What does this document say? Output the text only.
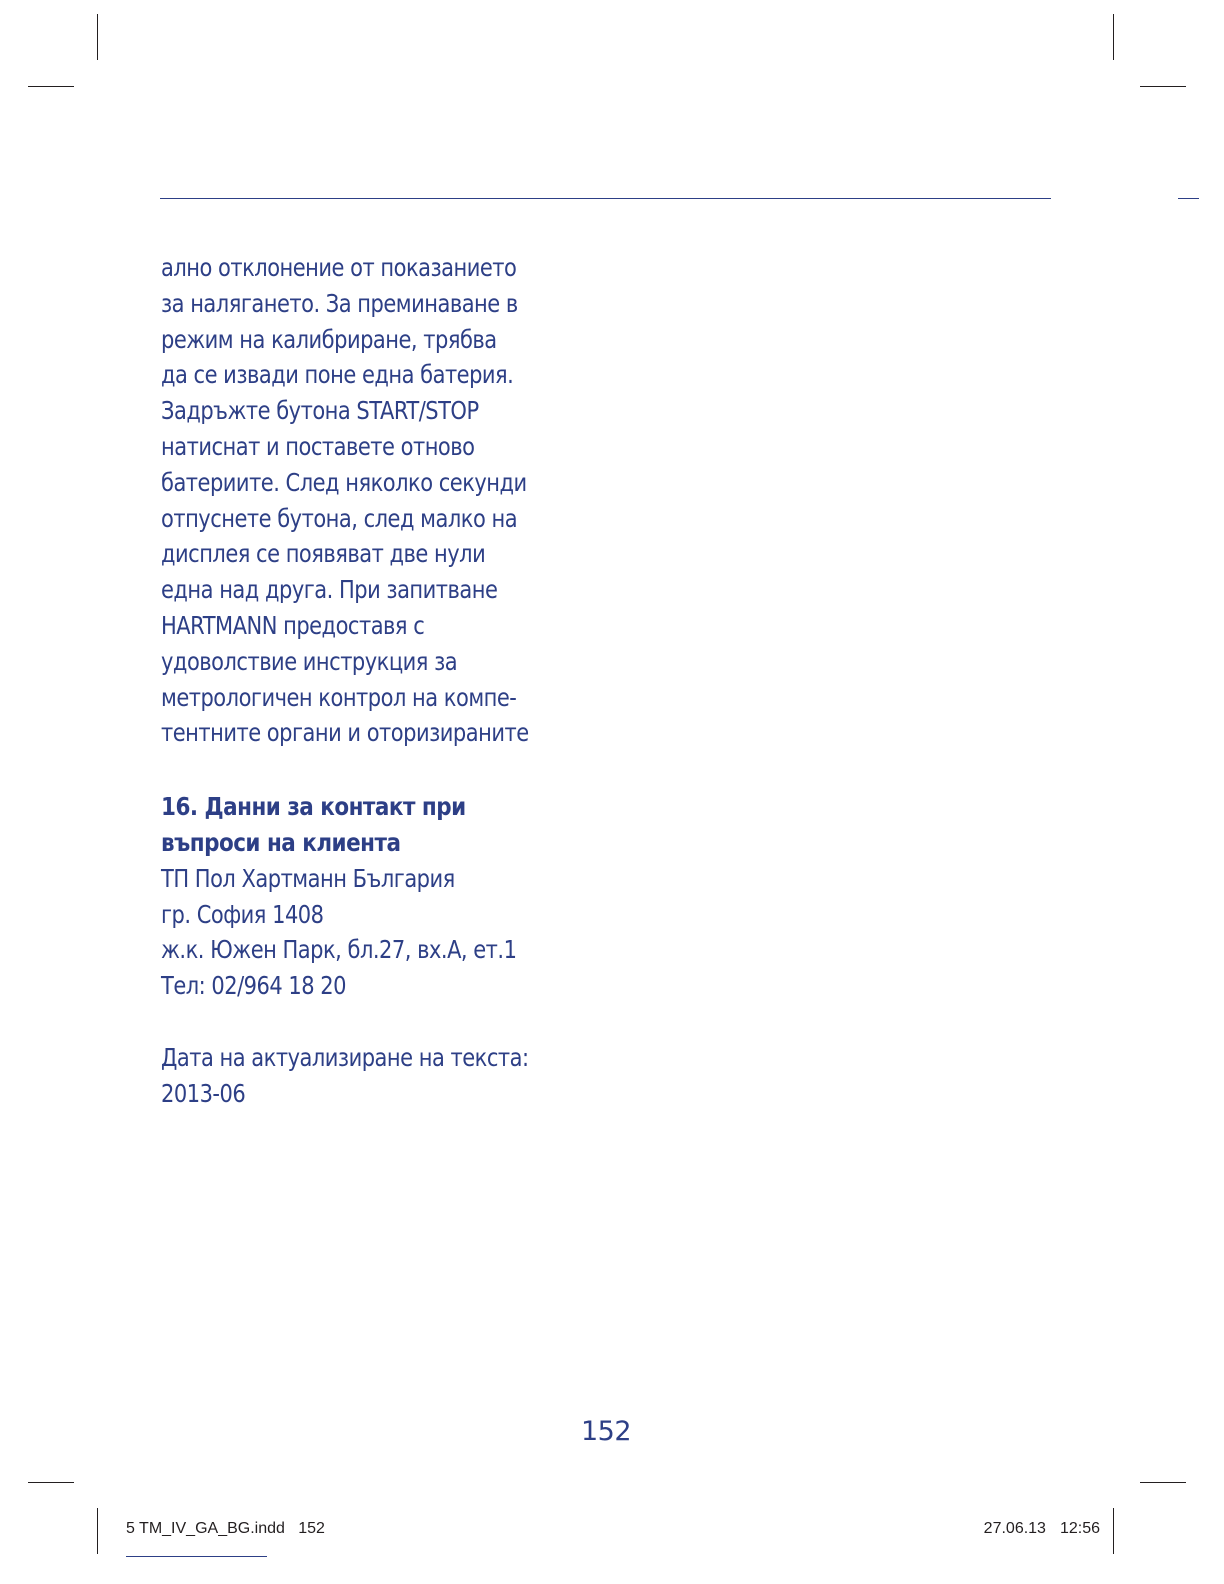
ално отклонение от показанието
за налягането. За преминаване в
режим на калибриране, трябва
да се извади поне една батерия.
Задръжте бутона START/STOP
натиснат и поставете отново
батериите. След няколко секунди
отпуснете бутона, след малко на
дисплея се появяват две нули
една над друга. При запитване
HARTMANN предоставя с
удоволствие инструкция за
метрологичен контрол на компе-
тентните органи и оторизираните
16. Данни за контакт при
въпроси на клиента
ТП Пол Хартманн България
гр. София 1408
ж.к. Южен Парк, бл.27, вх.А, ет.1
Тел: 02/964 18 20
Дата на актуализиране на текста:
2013-06
152
5 TM_IV_GA_BG.indd   152	27.06.13 12:56
